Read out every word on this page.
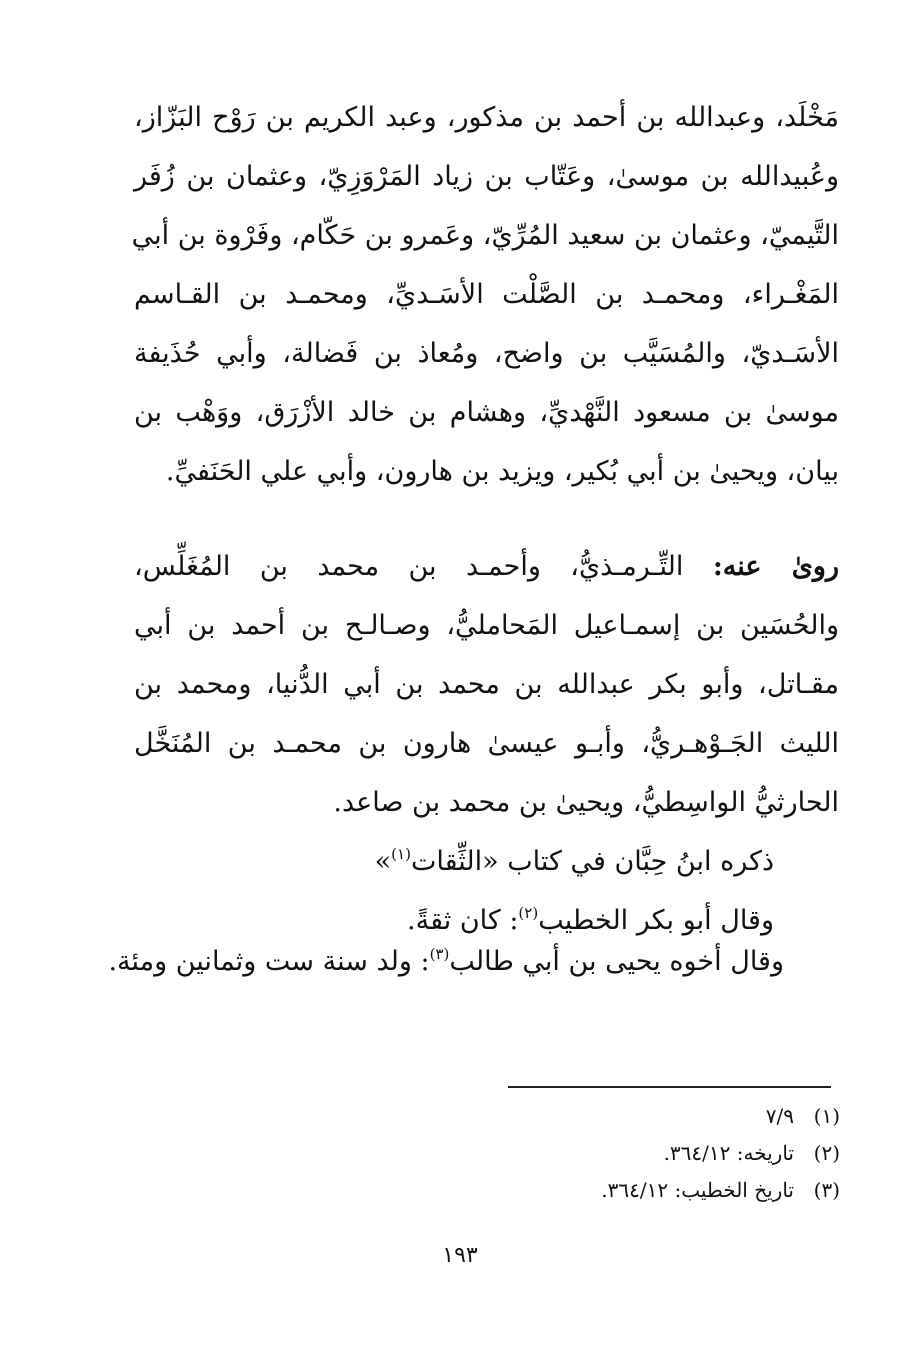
مَخْلَد، وعبدالله بن أحمد بن مذكور، وعبد الكريم بن رَوْح البَزّاز،
وعُبيدالله بن موسىٰ، وعَتّاب بن زياد المَرْوَزِيّ، وعثمان بن زُفَر
التَّيميّ، وعثمان بن سعيد المُرِّيّ، وعَمرو بن حَكّام، وفَرْوة بن أبي
المَغْـراء، ومحمـد بن الصَّلْت الأسَـديِّ، ومحمـد بن القـاسم
الأسَـديّ، والمُسَيَّب بن واضح، ومُعاذ بن فَضالة، وأبي حُذَيفة
موسىٰ بن مسعود النَّهْديِّ، وهشام بن خالد الأزْرَق، ووَهْب بن
بيان، ويحيىٰ بن أبي بُكير، ويزيد بن هارون، وأبي علي الحَنَفيِّ.
روىٰ عنه: التِّـرمـذيُّ، وأحمـد بن محمد بن المُغَلِّس،
والحُسَين بن إسمـاعيل المَحامليُّ، وصـالـح بن أحمد بن أبي
مقـاتل، وأبو بكر عبدالله بن محمد بن أبي الدُّنيا، ومحمد بن
الليث الجَـوْهـريُّ، وأبـو عيسىٰ هارون بن محمـد بن المُنَخَّل
الحارثيُّ الواسِطيُّ، ويحيىٰ بن محمد بن صاعد.
ذكره ابنُ حِبَّان في كتاب «الثِّقات$^{(١)}$»
وقال أبو بكر الخطيب$^{(٢)}$: كان ثقةً.
وقال أخوه يحيى بن أبي طالب$^{(٣)}$: ولد سنة ست وثمانين ومئة.
(١)٧/٩
(٢)تاريخه: ٣٦٤/١٢.
(٣)تاريخ الخطيب: ٣٦٤/١٢.
١٩٣
